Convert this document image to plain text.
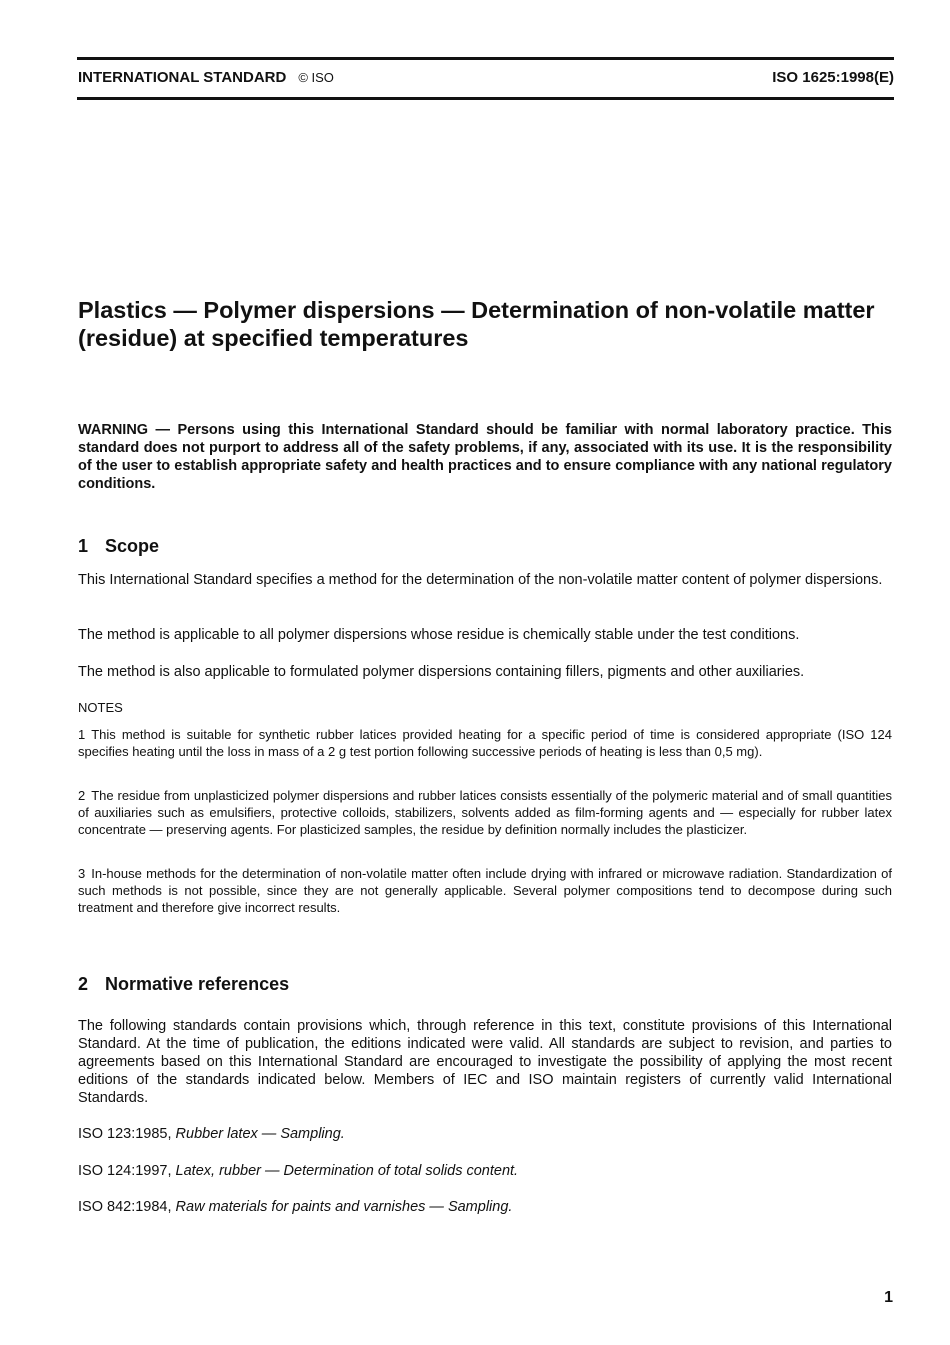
INTERNATIONAL STANDARD © ISO	ISO 1625:1998(E)
Plastics — Polymer dispersions — Determination of non-volatile matter (residue) at specified temperatures

WARNING — Persons using this International Standard should be familiar with normal laboratory practice. This standard does not purport to address all of the safety problems, if any, associated with its use. It is the responsibility of the user to establish appropriate safety and health practices and to ensure compliance with any national regulatory conditions.

1 Scope

This International Standard specifies a method for the determination of the non-volatile matter content of polymer dispersions.

The method is applicable to all polymer dispersions whose residue is chemically stable under the test conditions.

The method is also applicable to formulated polymer dispersions containing fillers, pigments and other auxiliaries.

NOTES

1 This method is suitable for synthetic rubber latices provided heating for a specific period of time is considered appropriate (ISO 124 specifies heating until the loss in mass of a 2 g test portion following successive periods of heating is less than 0,5 mg).

2 The residue from unplasticized polymer dispersions and rubber latices consists essentially of the polymeric material and of small quantities of auxiliaries such as emulsifiers, protective colloids, stabilizers, solvents added as film-forming agents and — especially for rubber latex concentrate — preserving agents. For plasticized samples, the residue by definition normally includes the plasticizer.

3 In-house methods for the determination of non-volatile matter often include drying with infrared or microwave radiation. Standardization of such methods is not possible, since they are not generally applicable. Several polymer compositions tend to decompose during such treatment and therefore give incorrect results.

2 Normative references

The following standards contain provisions which, through reference in this text, constitute provisions of this International Standard. At the time of publication, the editions indicated were valid. All standards are subject to revision, and parties to agreements based on this International Standard are encouraged to investigate the possibility of applying the most recent editions of the standards indicated below. Members of IEC and ISO maintain registers of currently valid International Standards.

ISO 123:1985, Rubber latex — Sampling.

ISO 124:1997, Latex, rubber — Determination of total solids content.

ISO 842:1984, Raw materials for paints and varnishes — Sampling.

1
